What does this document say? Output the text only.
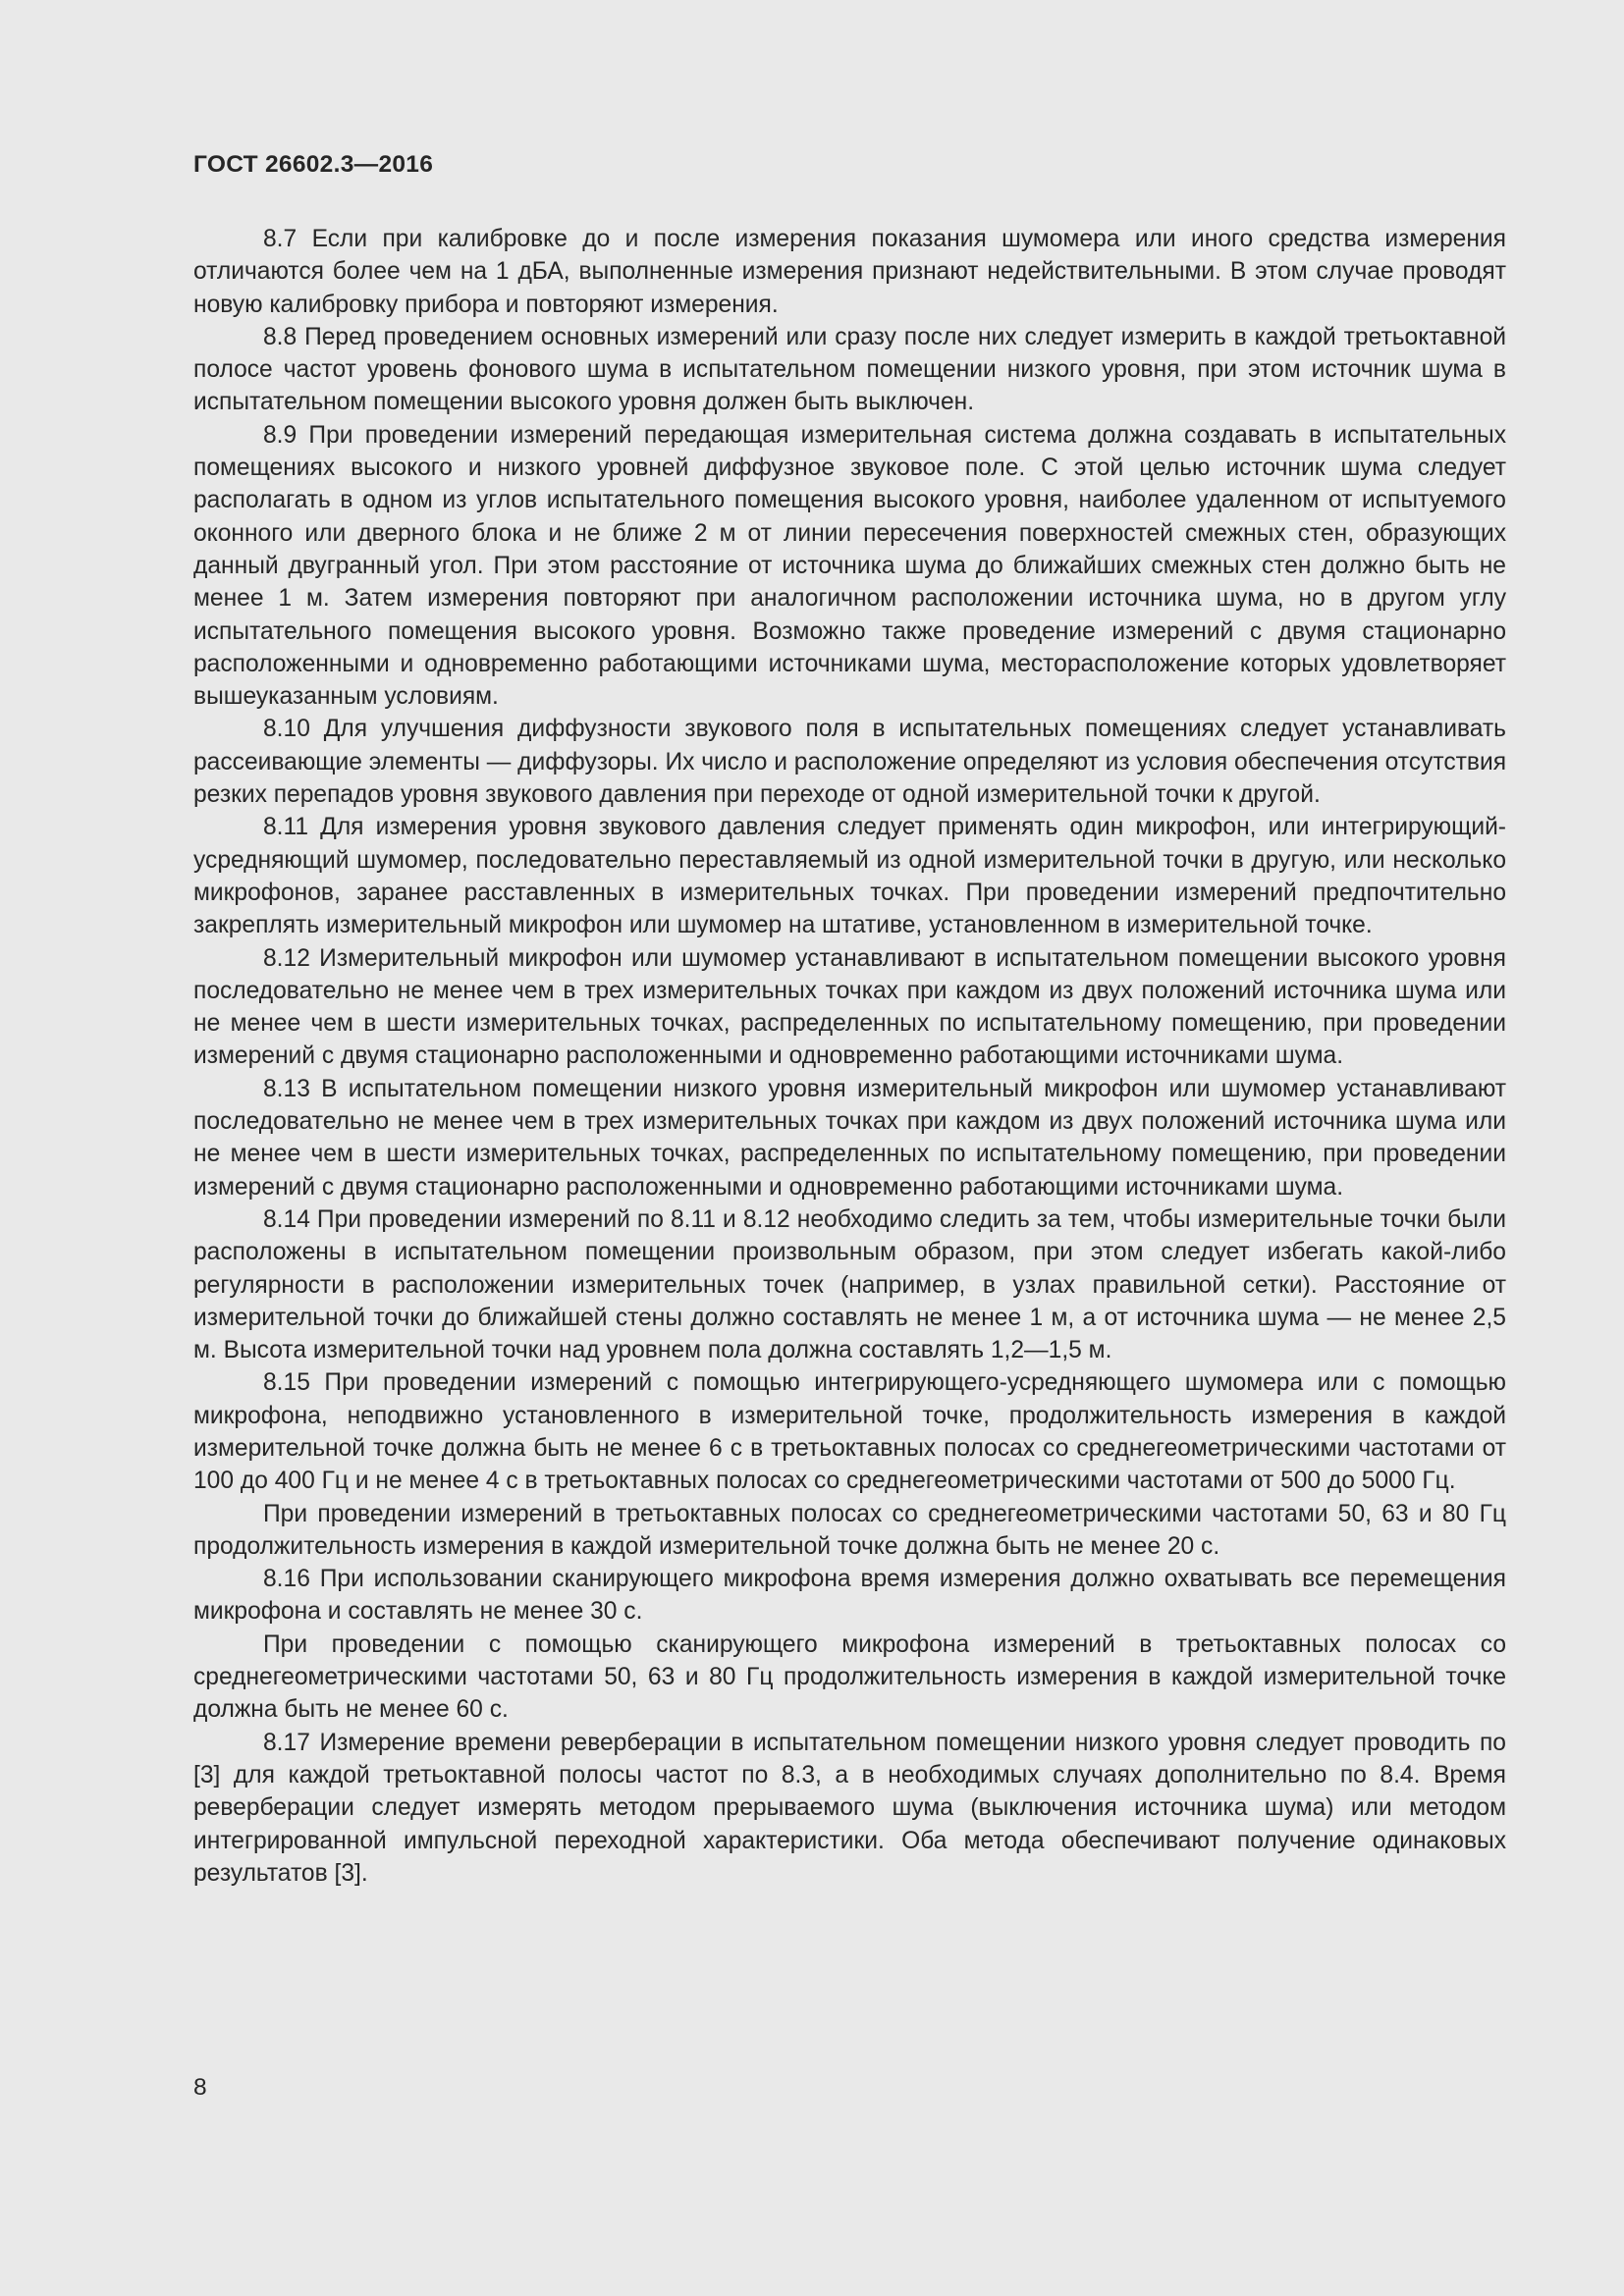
ГОСТ 26602.3—2016

8.7 Если при калибровке до и после измерения показания шумомера или иного средства измерения отличаются более чем на 1 дБА, выполненные измерения признают недействительными. В этом случае проводят новую калибровку прибора и повторяют измерения.

8.8 Перед проведением основных измерений или сразу после них следует измерить в каждой третьоктавной полосе частот уровень фонового шума в испытательном помещении низкого уровня, при этом источник шума в испытательном помещении высокого уровня должен быть выключен.

8.9 При проведении измерений передающая измерительная система должна создавать в испытательных помещениях высокого и низкого уровней диффузное звуковое поле. С этой целью источник шума следует располагать в одном из углов испытательного помещения высокого уровня, наиболее удаленном от испытуемого оконного или дверного блока и не ближе 2 м от линии пересечения поверхностей смежных стен, образующих данный двугранный угол. При этом расстояние от источника шума до ближайших смежных стен должно быть не менее 1 м. Затем измерения повторяют при аналогичном расположении источника шума, но в другом углу испытательного помещения высокого уровня. Возможно также проведение измерений с двумя стационарно расположенными и одновременно работающими источниками шума, месторасположение которых удовлетворяет вышеуказанным условиям.

8.10 Для улучшения диффузности звукового поля в испытательных помещениях следует устанавливать рассеивающие элементы — диффузоры. Их число и расположение определяют из условия обеспечения отсутствия резких перепадов уровня звукового давления при переходе от одной измерительной точки к другой.

8.11 Для измерения уровня звукового давления следует применять один микрофон, или интегрирующий-усредняющий шумомер, последовательно переставляемый из одной измерительной точки в другую, или несколько микрофонов, заранее расставленных в измерительных точках. При проведении измерений предпочтительно закреплять измерительный микрофон или шумомер на штативе, установленном в измерительной точке.

8.12 Измерительный микрофон или шумомер устанавливают в испытательном помещении высокого уровня последовательно не менее чем в трех измерительных точках при каждом из двух положений источника шума или не менее чем в шести измерительных точках, распределенных по испытательному помещению, при проведении измерений с двумя стационарно расположенными и одновременно работающими источниками шума.

8.13 В испытательном помещении низкого уровня измерительный микрофон или шумомер устанавливают последовательно не менее чем в трех измерительных точках при каждом из двух положений источника шума или не менее чем в шести измерительных точках, распределенных по испытательному помещению, при проведении измерений с двумя стационарно расположенными и одновременно работающими источниками шума.

8.14 При проведении измерений по 8.11 и 8.12 необходимо следить за тем, чтобы измерительные точки были расположены в испытательном помещении произвольным образом, при этом следует избегать какой-либо регулярности в расположении измерительных точек (например, в узлах правильной сетки). Расстояние от измерительной точки до ближайшей стены должно составлять не менее 1 м, а от источника шума — не менее 2,5 м. Высота измерительной точки над уровнем пола должна составлять 1,2—1,5 м.

8.15 При проведении измерений с помощью интегрирующего-усредняющего шумомера или с помощью микрофона, неподвижно установленного в измерительной точке, продолжительность измерения в каждой измерительной точке должна быть не менее 6 с в третьоктавных полосах со среднегеометрическими частотами от 100 до 400 Гц и не менее 4 с в третьоктавных полосах со среднегеометрическими частотами от 500 до 5000 Гц.

При проведении измерений в третьоктавных полосах со среднегеометрическими частотами 50, 63 и 80 Гц продолжительность измерения в каждой измерительной точке должна быть не менее 20 с.

8.16 При использовании сканирующего микрофона время измерения должно охватывать все перемещения микрофона и составлять не менее 30 с.

При проведении с помощью сканирующего микрофона измерений в третьоктавных полосах со среднегеометрическими частотами 50, 63 и 80 Гц продолжительность измерения в каждой измерительной точке должна быть не менее 60 с.

8.17 Измерение времени реверберации в испытательном помещении низкого уровня следует проводить по [3] для каждой третьоктавной полосы частот по 8.3, а в необходимых случаях дополнительно по 8.4. Время реверберации следует измерять методом прерываемого шума (выключения источника шума) или методом интегрированной импульсной переходной характеристики. Оба метода обеспечивают получение одинаковых результатов [3].

8
